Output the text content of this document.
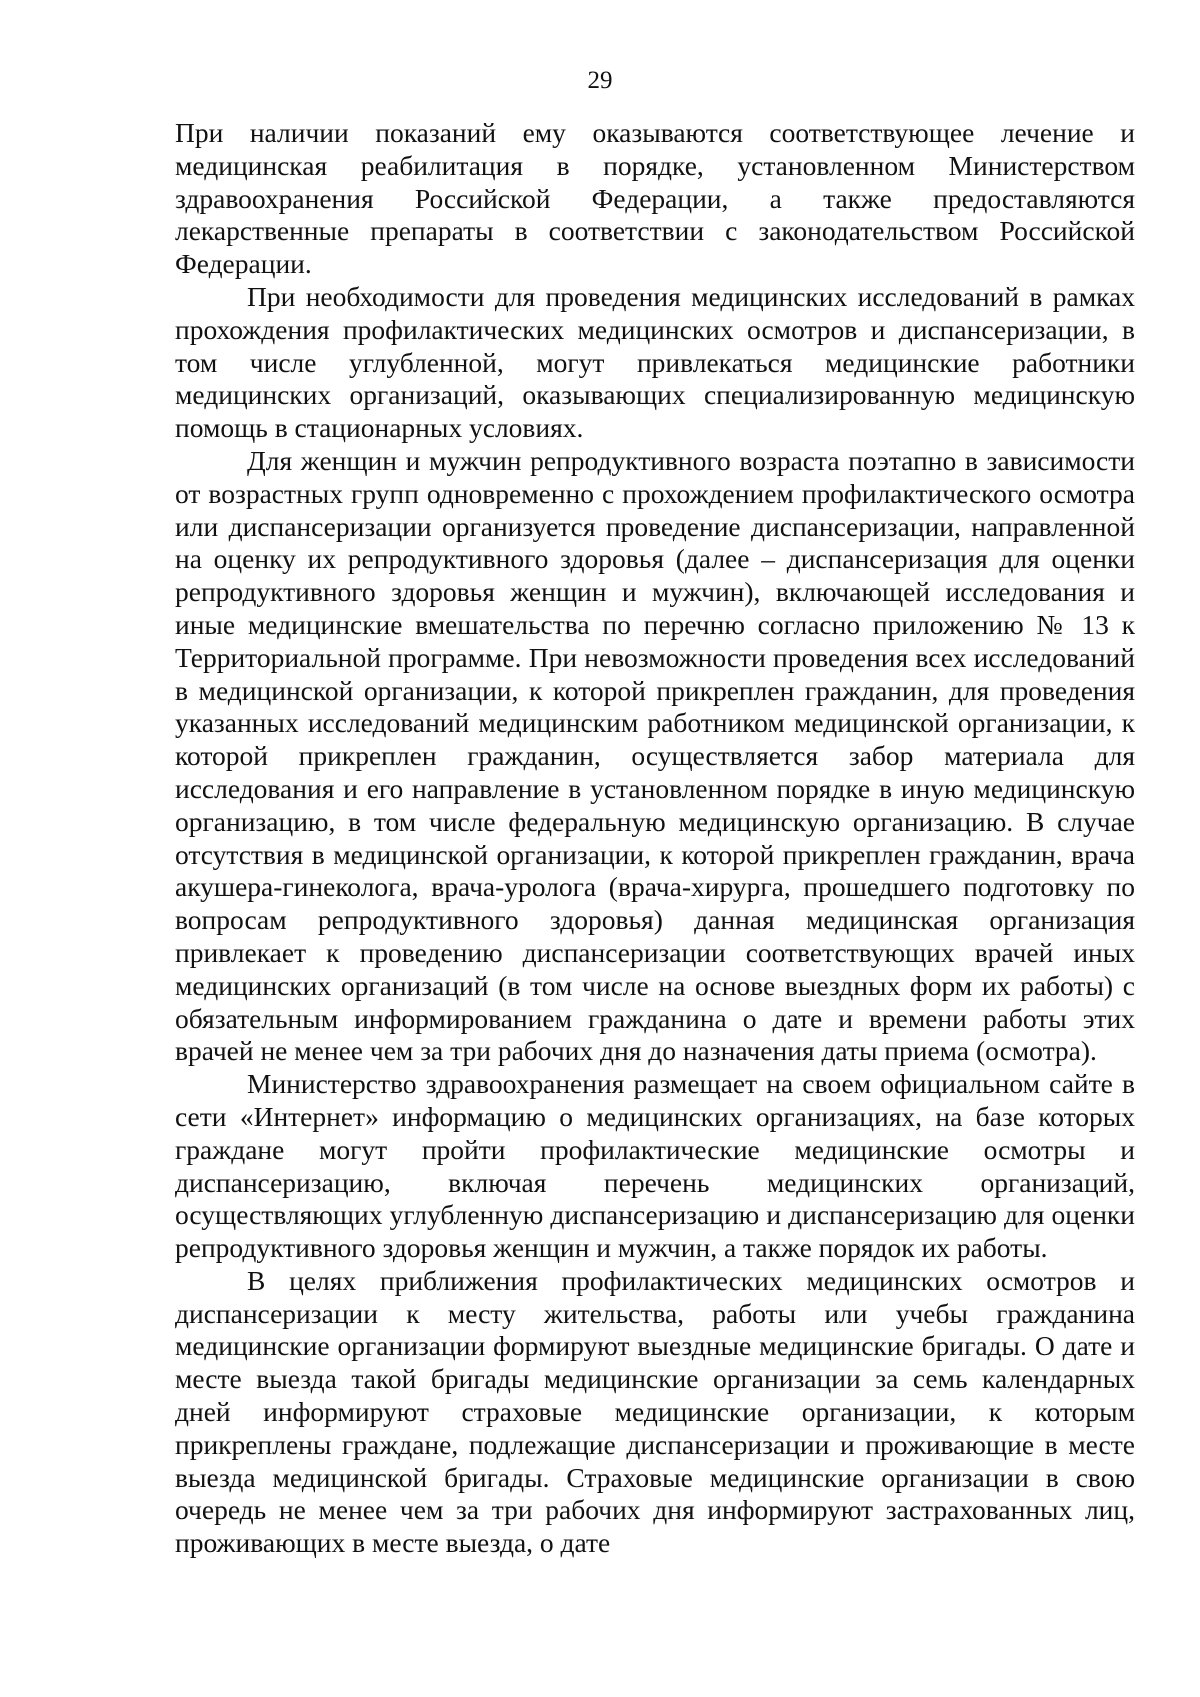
29

При наличии показаний ему оказываются соответствующее лечение и медицинская реабилитация в порядке, установленном Министерством здравоохранения Российской Федерации, а также предоставляются лекарственные препараты в соответствии с законодательством Российской Федерации.

При необходимости для проведения медицинских исследований в рамках прохождения профилактических медицинских осмотров и диспансеризации, в том числе углубленной, могут привлекаться медицинские работники медицинских организаций, оказывающих специализированную медицинскую помощь в стационарных условиях.

Для женщин и мужчин репродуктивного возраста поэтапно в зависимости от возрастных групп одновременно с прохождением профилактического осмотра или диспансеризации организуется проведение диспансеризации, направленной на оценку их репродуктивного здоровья (далее – диспансеризация для оценки репродуктивного здоровья женщин и мужчин), включающей исследования и иные медицинские вмешательства по перечню согласно приложению № 13 к Территориальной программе. При невозможности проведения всех исследований в медицинской организации, к которой прикреплен гражданин, для проведения указанных исследований медицинским работником медицинской организации, к которой прикреплен гражданин, осуществляется забор материала для исследования и его направление в установленном порядке в иную медицинскую организацию, в том числе федеральную медицинскую организацию. В случае отсутствия в медицинской организации, к которой прикреплен гражданин, врача акушера-гинеколога, врача-уролога (врача-хирурга, прошедшего подготовку по вопросам репродуктивного здоровья) данная медицинская организация привлекает к проведению диспансеризации соответствующих врачей иных медицинских организаций (в том числе на основе выездных форм их работы) с обязательным информированием гражданина о дате и времени работы этих врачей не менее чем за три рабочих дня до назначения даты приема (осмотра).

Министерство здравоохранения размещает на своем официальном сайте в сети «Интернет» информацию о медицинских организациях, на базе которых граждане могут пройти профилактические медицинские осмотры и диспансеризацию, включая перечень медицинских организаций, осуществляющих углубленную диспансеризацию и диспансеризацию для оценки репродуктивного здоровья женщин и мужчин, а также порядок их работы.

В целях приближения профилактических медицинских осмотров и диспансеризации к месту жительства, работы или учебы гражданина медицинские организации формируют выездные медицинские бригады. О дате и месте выезда такой бригады медицинские организации за семь календарных дней информируют страховые медицинские организации, к которым прикреплены граждане, подлежащие диспансеризации и проживающие в месте выезда медицинской бригады. Страховые медицинские организации в свою очередь не менее чем за три рабочих дня информируют застрахованных лиц, проживающих в месте выезда, о дате
